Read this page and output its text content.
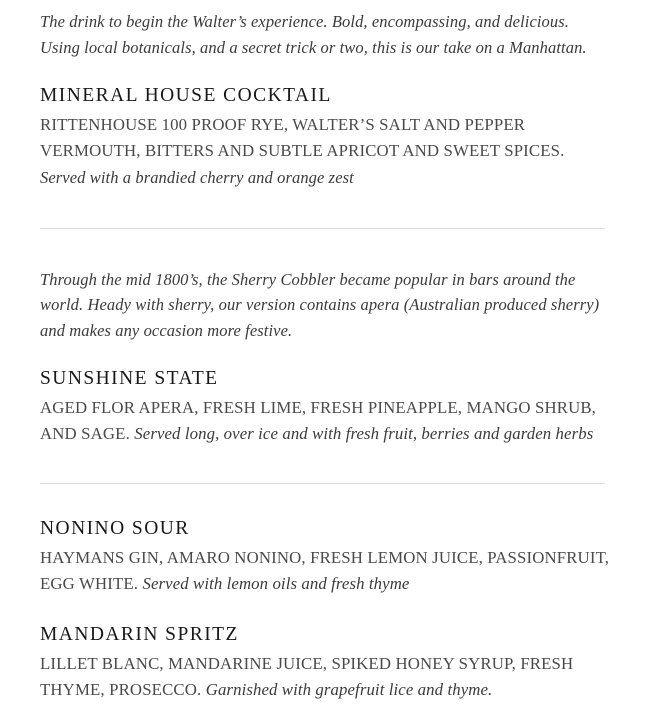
The drink to begin the Walter’s experience. Bold, encompassing, and delicious. Using local botanicals, and a secret trick or two, this is our take on a Manhattan.

MINERAL HOUSE COCKTAIL

RITTENHOUSE 100 PROOF RYE, WALTER’S SALT AND PEPPER VERMOUTH, BITTERS AND SUBTLE APRICOT AND SWEET SPICES.

Served with a brandied cherry and orange zest

Through the mid 1800’s, the Sherry Cobbler became popular in bars around the world. Heady with sherry, our version contains apera (Australian produced sherry) and makes any occasion more festive.

SUNSHINE STATE

AGED FLOR APERA, FRESH LIME, FRESH PINEAPPLE, MANGO SHRUB, AND SAGE. Served long, over ice and with fresh fruit, berries and garden herbs

NONINO SOUR

HAYMANS GIN, AMARO NONINO, FRESH LEMON JUICE, PASSIONFRUIT, EGG WHITE. Served with lemon oils and fresh thyme

MANDARIN SPRITZ

LILLET BLANC, MANDARINE JUICE, SPIKED HONEY SYRUP, FRESH THYME, PROSECCO. Garnished with grapefruit lice and thyme.
